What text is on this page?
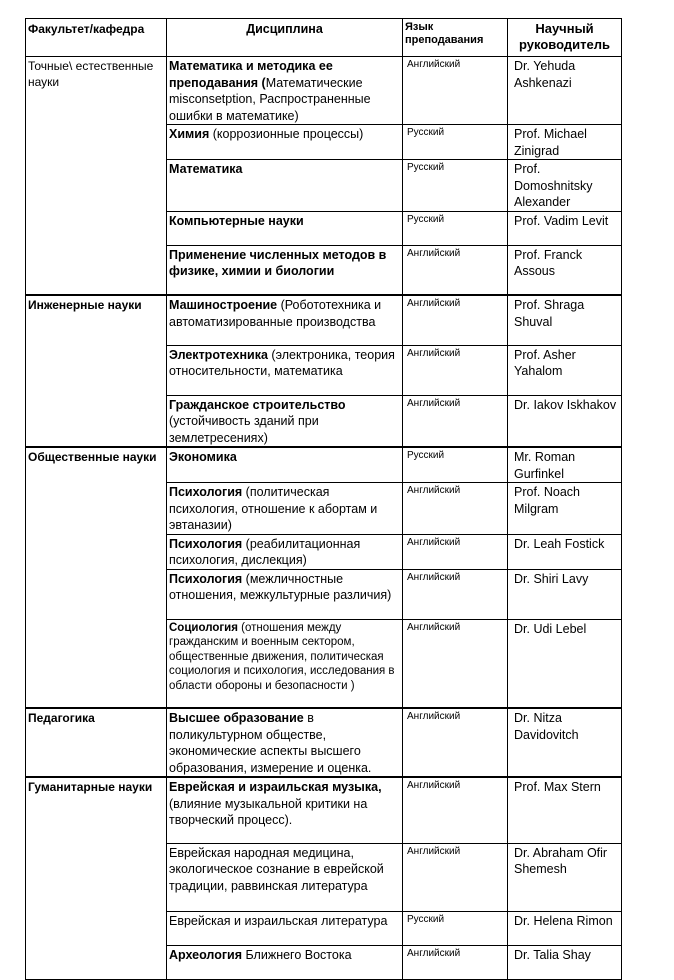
Факультет/кафедра	Дисциплина	Язык преподавания	Научный руководитель
Точные\ естественные науки	Математика и методика ее преподавания (Математические misconsetption, Распространенные ошибки в математике)	Английский	Dr. Yehuda Ashkenazi
	Химия (коррозионные процессы)	Русский	Prof. Michael Zinigrad
	Математика	Русский	Prof. Domoshnitsky Alexander
	Компьютерные науки	Русский	Prof. Vadim Levit
	Применение численных методов в физике, химии и биологии	Английский	Prof. Franck Assous
Инженерные науки	Машиностроение (Робототехника и автоматизированные производства	Английский	Prof. Shraga Shuval
	Электротехника (электроника, теория относительности, математика	Английский	Prof. Asher Yahalom
	Гражданское строительство (устойчивость зданий при землетресениях)	Английский	Dr. Iakov Iskhakov
Общественные науки	Экономика	Русский	Mr. Roman Gurfinkel
	Психология (политическая психология, отношение к абортам и эвтаназии)	Английский	Prof. Noach Milgram
	Психология (реабилитационная психология, дислекция)	Английский	Dr. Leah Fostick
	Психология (межличностные отношения, межкультурные различия)	Английский	Dr. Shiri Lavy
	Социология (отношения между гражданским и военным сектором, общественные движения, политическая социология и психология, исследования в области обороны и безопасности )	Английский	Dr. Udi Lebel
Педагогика	Высшее образование в поликультурном обществе, экономические аспекты высшего образования, измерение и оценка.	Английский	Dr. Nitza Davidovitch
Гуманитарные науки	Еврейская и израильская музыка, (влияние музыкальной критики на творческий процесс).	Английский	Prof. Max Stern
	Еврейская народная медицина, экологическое сознание в еврейской традиции, раввинская литература	Английский	Dr. Abraham Ofir Shemesh
	Еврейская и израильская литература	Русский	Dr. Helena Rimon
	Археология Ближнего Востока	Английский	Dr. Talia Shay
